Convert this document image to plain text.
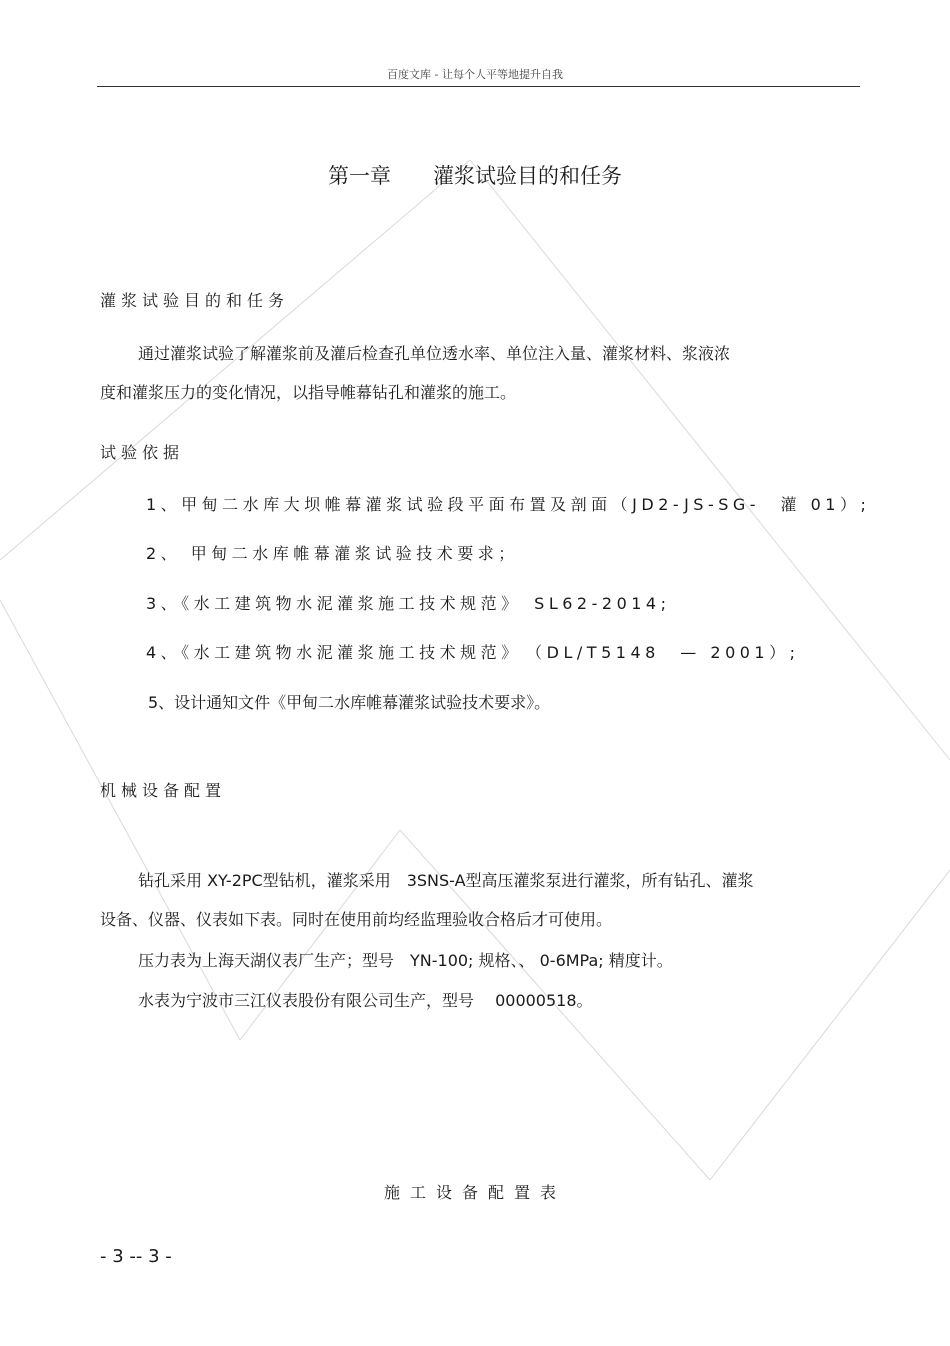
百度文库 - 让每个人平等地提升自我
第一章　　灌浆试验目的和任务
灌浆试验目的和任务
通过灌浆试验了解灌浆前及灌后检查孔单位透水率、单位注入量、灌浆材料、浆液浓
度和灌浆压力的变化情况，以指导帷幕钻孔和灌浆的施工。
试验依据
1、甲甸二水库大坝帷幕灌浆试验段平面布置及剖面（JD2-JS-SG-　灌 01）;
2、 甲甸二水库帷幕灌浆试验技术要求；
3、《水工建筑物水泥灌浆施工技术规范》　SL62-2014;
4、《水工建筑物水泥灌浆施工技术规范》　（DL/T5148　— 2001）;
5、设计通知文件《甲甸二水库帷幕灌浆试验技术要求》。
机械设备配置
钻孔采用 XY-2PC型钻机，灌浆采用　3SNS-A型高压灌浆泵进行灌浆，所有钻孔、灌浆
设备、仪器、仪表如下表。同时在使用前均经监理验收合格后才可使用。
压力表为上海天湖仪表厂生产；型号　YN-100; 规格、、 0-6MPa; 精度计。
水表为宁波市三江仪表股份有限公司生产，型号　 00000518。
施工设备配置表
- 3 -- 3 -
